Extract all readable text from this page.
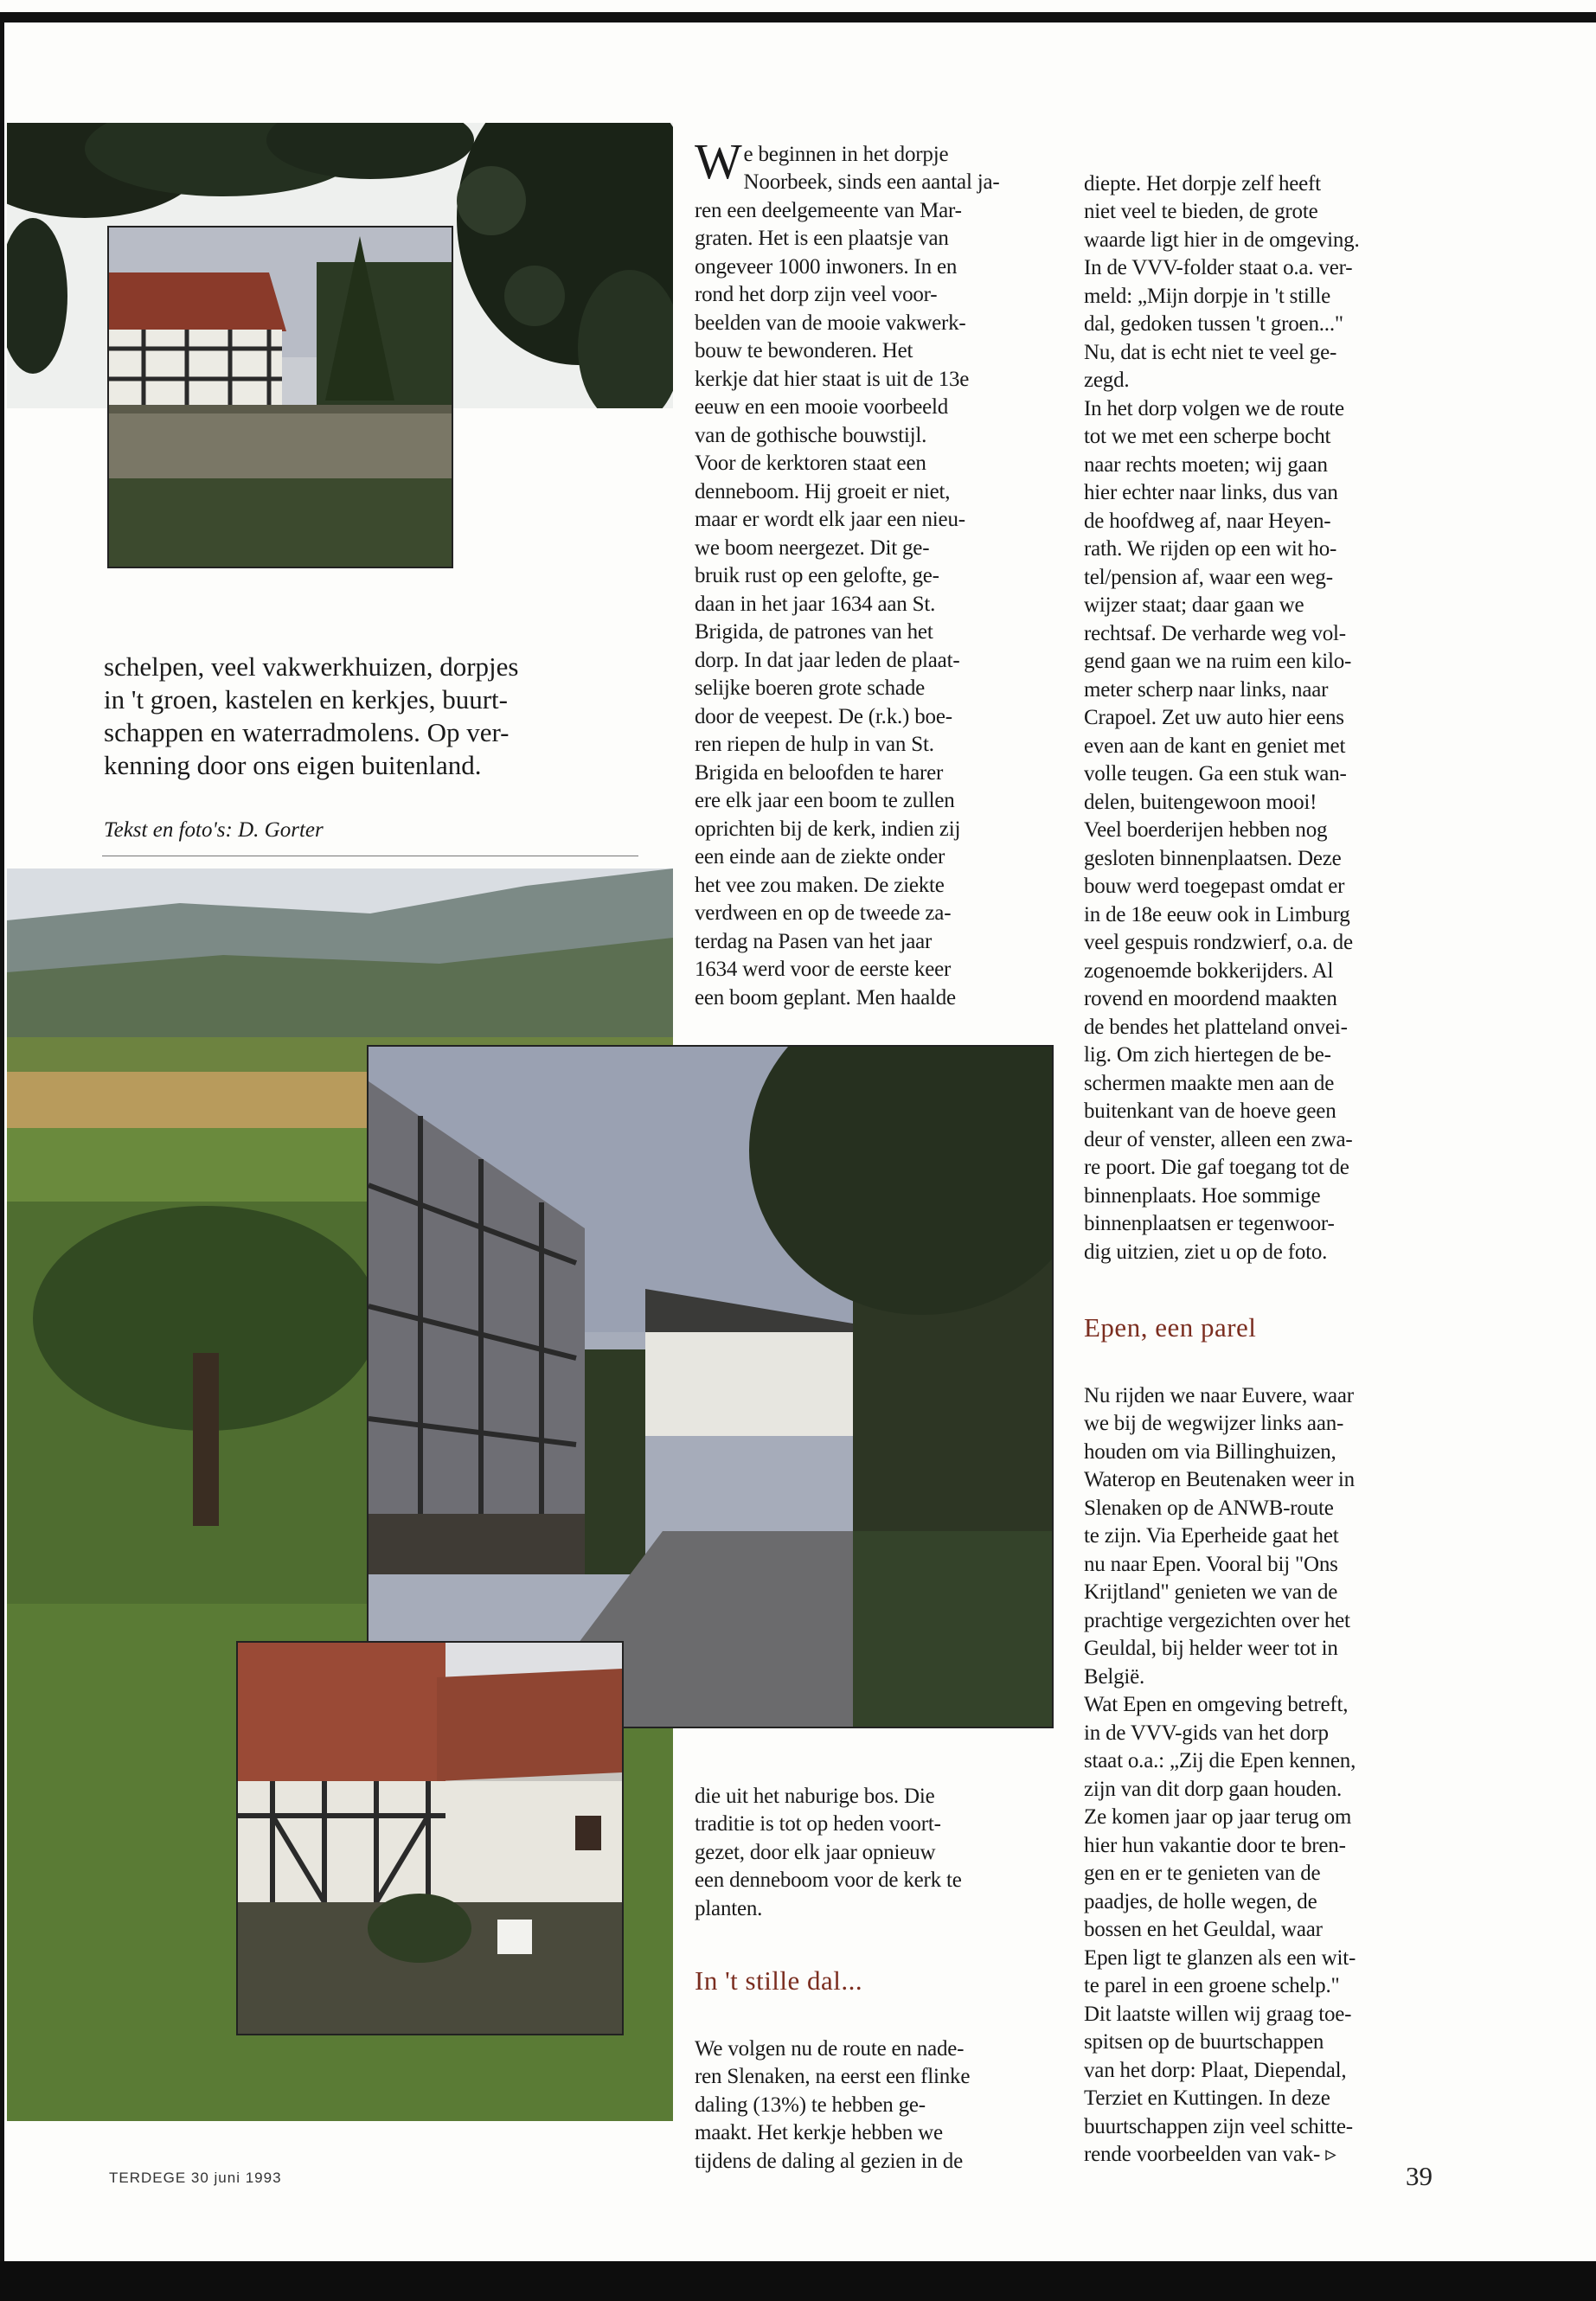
schelpen, veel vakwerkhuizen, dorpjes
in 't groen, kastelen en kerkjes, buurt-
schappen en waterradmolens. Op ver-
kenning door ons eigen buitenland.
Tekst en foto's: D. Gorter

We beginnen in het dorpje
Noorbeek, sinds een aantal ja-
ren een deelgemeente van Mar-
graten. Het is een plaatsje van
ongeveer 1000 inwoners. In en
rond het dorp zijn veel voor-
beelden van de mooie vakwerk-
bouw te bewonderen. Het
kerkje dat hier staat is uit de 13e
eeuw en een mooie voorbeeld
van de gothische bouwstijl.
Voor de kerktoren staat een
denneboom. Hij groeit er niet,
maar er wordt elk jaar een nieu-
we boom neergezet. Dit ge-
bruik rust op een gelofte, ge-
daan in het jaar 1634 aan St.
Brigida, de patrones van het
dorp. In dat jaar leden de plaat-
selijke boeren grote schade
door de veepest. De (r.k.) boe-
ren riepen de hulp in van St.
Brigida en beloofden te harer
ere elk jaar een boom te zullen
oprichten bij de kerk, indien zij
een einde aan de ziekte onder
het vee zou maken. De ziekte
verdween en op de tweede za-
terdag na Pasen van het jaar
1634 werd voor de eerste keer
een boom geplant. Men haalde

die uit het naburige bos. Die
traditie is tot op heden voort-
gezet, door elk jaar opnieuw
een denneboom voor de kerk te
planten.

In 't stille dal...

We volgen nu de route en nade-
ren Slenaken, na eerst een flinke
daling (13%) te hebben ge-
maakt. Het kerkje hebben we
tijdens de daling al gezien in de

diepte. Het dorpje zelf heeft
niet veel te bieden, de grote
waarde ligt hier in de omgeving.
In de VVV-folder staat o.a. ver-
meld: „Mijn dorpje in 't stille
dal, gedoken tussen 't groen..."
Nu, dat is echt niet te veel ge-
zegd.
In het dorp volgen we de route
tot we met een scherpe bocht
naar rechts moeten; wij gaan
hier echter naar links, dus van
de hoofdweg af, naar Heyen-
rath. We rijden op een wit ho-
tel/pension af, waar een weg-
wijzer staat; daar gaan we
rechtsaf. De verharde weg vol-
gend gaan we na ruim een kilo-
meter scherp naar links, naar
Crapoel. Zet uw auto hier eens
even aan de kant en geniet met
volle teugen. Ga een stuk wan-
delen, buitengewoon mooi!
Veel boerderijen hebben nog
gesloten binnenplaatsen. Deze
bouw werd toegepast omdat er
in de 18e eeuw ook in Limburg
veel gespuis rondzwierf, o.a. de
zogenoemde bokkerijders. Al
rovend en moordend maakten
de bendes het platteland onvei-
lig. Om zich hiertegen de be-
schermen maakte men aan de
buitenkant van de hoeve geen
deur of venster, alleen een zwa-
re poort. Die gaf toegang tot de
binnenplaats. Hoe sommige
binnenplaatsen er tegenwoor-
dig uitzien, ziet u op de foto.

Epen, een parel

Nu rijden we naar Euvere, waar
we bij de wegwijzer links aan-
houden om via Billinghuizen,
Waterop en Beutenaken weer in
Slenaken op de ANWB-route
te zijn. Via Eperheide gaat het
nu naar Epen. Vooral bij "Ons
Krijtland" genieten we van de
prachtige vergezichten over het
Geuldal, bij helder weer tot in
België.
Wat Epen en omgeving betreft,
in de VVV-gids van het dorp
staat o.a.: „Zij die Epen kennen,
zijn van dit dorp gaan houden.
Ze komen jaar op jaar terug om
hier hun vakantie door te bren-
gen en er te genieten van de
paadjes, de holle wegen, de
bossen en het Geuldal, waar
Epen ligt te glanzen als een wit-
te parel in een groene schelp."
Dit laatste willen wij graag toe-
spitsen op de buurtschappen
van het dorp: Plaat, Diependal,
Terziet en Kuttingen. In deze
buurtschappen zijn veel schitte-
rende voorbeelden van vak- ▹

TERDEGE 30 juni 1993	39
